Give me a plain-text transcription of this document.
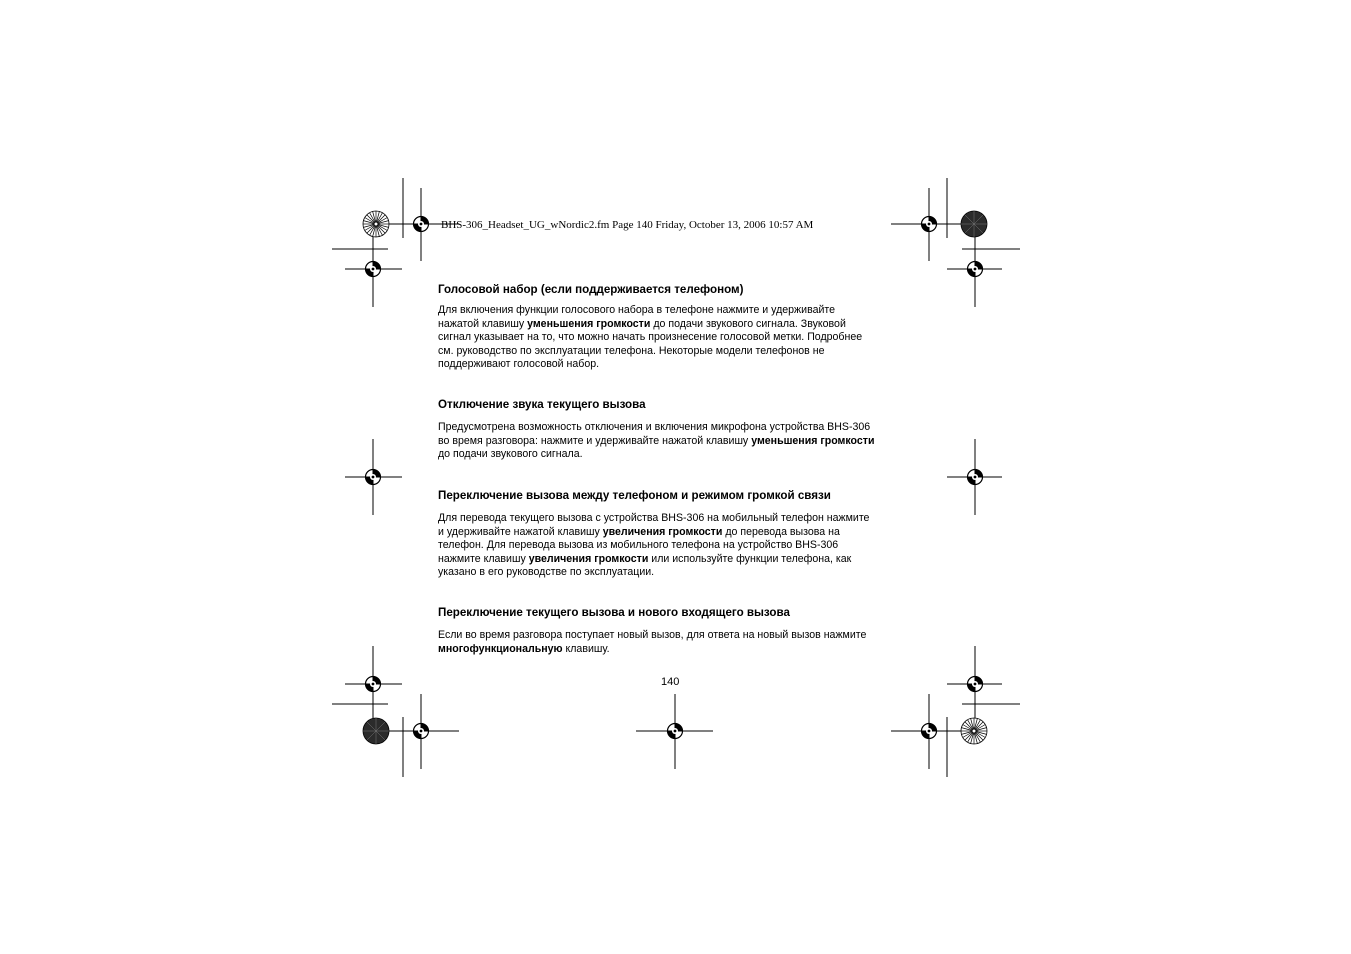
BHS-306_Headset_UG_wNordic2.fm Page 140 Friday, October 13, 2006 10:57 AM

Голосовой набор (если поддерживается телефоном)

Для включения функции голосового набора в телефоне нажмите и удерживайте
нажатой клавишу уменьшения громкости до подачи звукового сигнала. Звуковой
сигнал указывает на то, что можно начать произнесение голосовой метки. Подробнее
см. руководство по эксплуатации телефона. Некоторые модели телефонов не
поддерживают голосовой набор.

Отключение звука текущего вызова

Предусмотрена возможность отключения и включения микрофона устройства BHS-306
во время разговора: нажмите и удерживайте нажатой клавишу уменьшения громкости
до подачи звукового сигнала.

Переключение вызова между телефоном и режимом громкой связи

Для перевода текущего вызова с устройства BHS-306 на мобильный телефон нажмите
и удерживайте нажатой клавишу увеличения громкости до перевода вызова на
телефон. Для перевода вызова из мобильного телефона на устройство BHS-306
нажмите клавишу увеличения громкости или используйте функции телефона, как
указано в его руководстве по эксплуатации.

Переключение текущего вызова и нового входящего вызова

Если во время разговора поступает новый вызов, для ответа на новый вызов нажмите
многофункциональную клавишу.
140
